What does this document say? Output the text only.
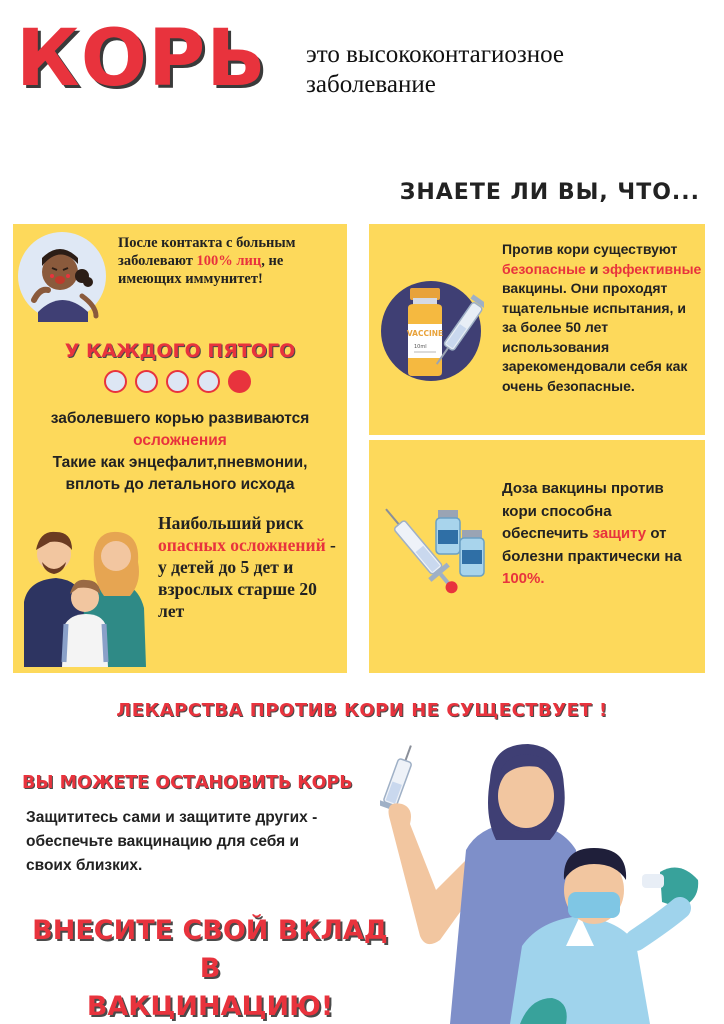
КОРЬ это высококонтагиозное заболевание
ЗНАЕТЕ ЛИ ВЫ, ЧТО...
После контакта с больным заболевают 100% лиц, не имеющих иммунитет!
У КАЖДОГО ПЯТОГО
заболевшего корью развиваются
осложнения
Такие как энцефалит,пневмонии,
вплоть до летального исхода
Наибольший риск опасных осложнений - у детей до 5 дет и взрослых старше 20 лет
VACCINE
10ml
Против кори существуют безопасные и эффективные вакцины. Они проходят тщательные испытания, и за более 50 лет использования зарекомендовали себя как очень безопасные.
Доза вакцины против кори способна обеспечить защиту от болезни практически на 100%.
ЛЕКАРСТВА ПРОТИВ КОРИ НЕ СУЩЕСТВУЕТ !
ВЫ МОЖЕТЕ ОСТАНОВИТЬ КОРЬ
Защититесь сами и защитите других - обеспечьте вакцинацию для себя и своих близких.
ВНЕСИТЕ СВОЙ ВКЛАД В
ВАКЦИНАЦИЮ!
